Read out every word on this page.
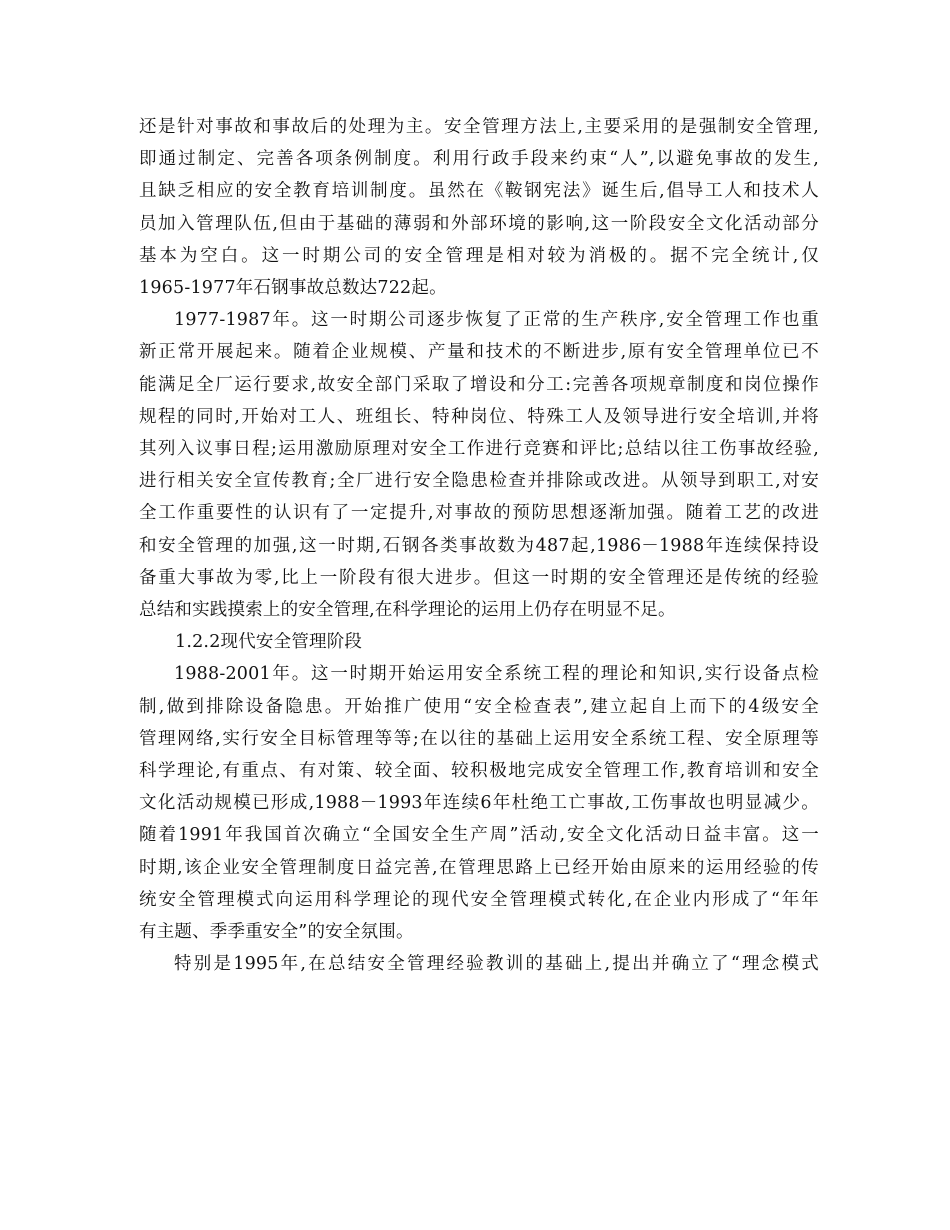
还是针对事故和事故后的处理为主。安全管理方法上,主要采用的是强制安全管理,
即通过制定、完善各项条例制度。利用行政手段来约束“人”,以避免事故的发生,
且缺乏相应的安全教育培训制度。虽然在《鞍钢宪法》诞生后,倡导工人和技术人
员加入管理队伍,但由于基础的薄弱和外部环境的影响,这一阶段安全文化活动部分
基本为空白。这一时期公司的安全管理是相对较为消极的。据不完全统计,仅
1965-1977年石钢事故总数达722起。
1977-1987年。这一时期公司逐步恢复了正常的生产秩序,安全管理工作也重
新正常开展起来。随着企业规模、产量和技术的不断进步,原有安全管理单位已不
能满足全厂运行要求,故安全部门采取了增设和分工:完善各项规章制度和岗位操作
规程的同时,开始对工人、班组长、特种岗位、特殊工人及领导进行安全培训,并将
其列入议事日程;运用激励原理对安全工作进行竞赛和评比;总结以往工伤事故经验,
进行相关安全宣传教育;全厂进行安全隐患检查并排除或改进。从领导到职工,对安
全工作重要性的认识有了一定提升,对事故的预防思想逐渐加强。随着工艺的改进
和安全管理的加强,这一时期,石钢各类事故数为487起,1986－1988年连续保持设
备重大事故为零,比上一阶段有很大进步。但这一时期的安全管理还是传统的经验
总结和实践摸索上的安全管理,在科学理论的运用上仍存在明显不足。
1.2.2现代安全管理阶段
1988-2001年。这一时期开始运用安全系统工程的理论和知识,实行设备点检
制,做到排除设备隐患。开始推广使用“安全检查表”,建立起自上而下的4级安全
管理网络,实行安全目标管理等等;在以往的基础上运用安全系统工程、安全原理等
科学理论,有重点、有对策、较全面、较积极地完成安全管理工作,教育培训和安全
文化活动规模已形成,1988－1993年连续6年杜绝工亡事故,工伤事故也明显减少。
随着1991年我国首次确立“全国安全生产周”活动,安全文化活动日益丰富。这一
时期,该企业安全管理制度日益完善,在管理思路上已经开始由原来的运用经验的传
统安全管理模式向运用科学理论的现代安全管理模式转化,在企业内形成了“年年
有主题、季季重安全”的安全氛围。
特别是1995年,在总结安全管理经验教训的基础上,提出并确立了“理念模式
